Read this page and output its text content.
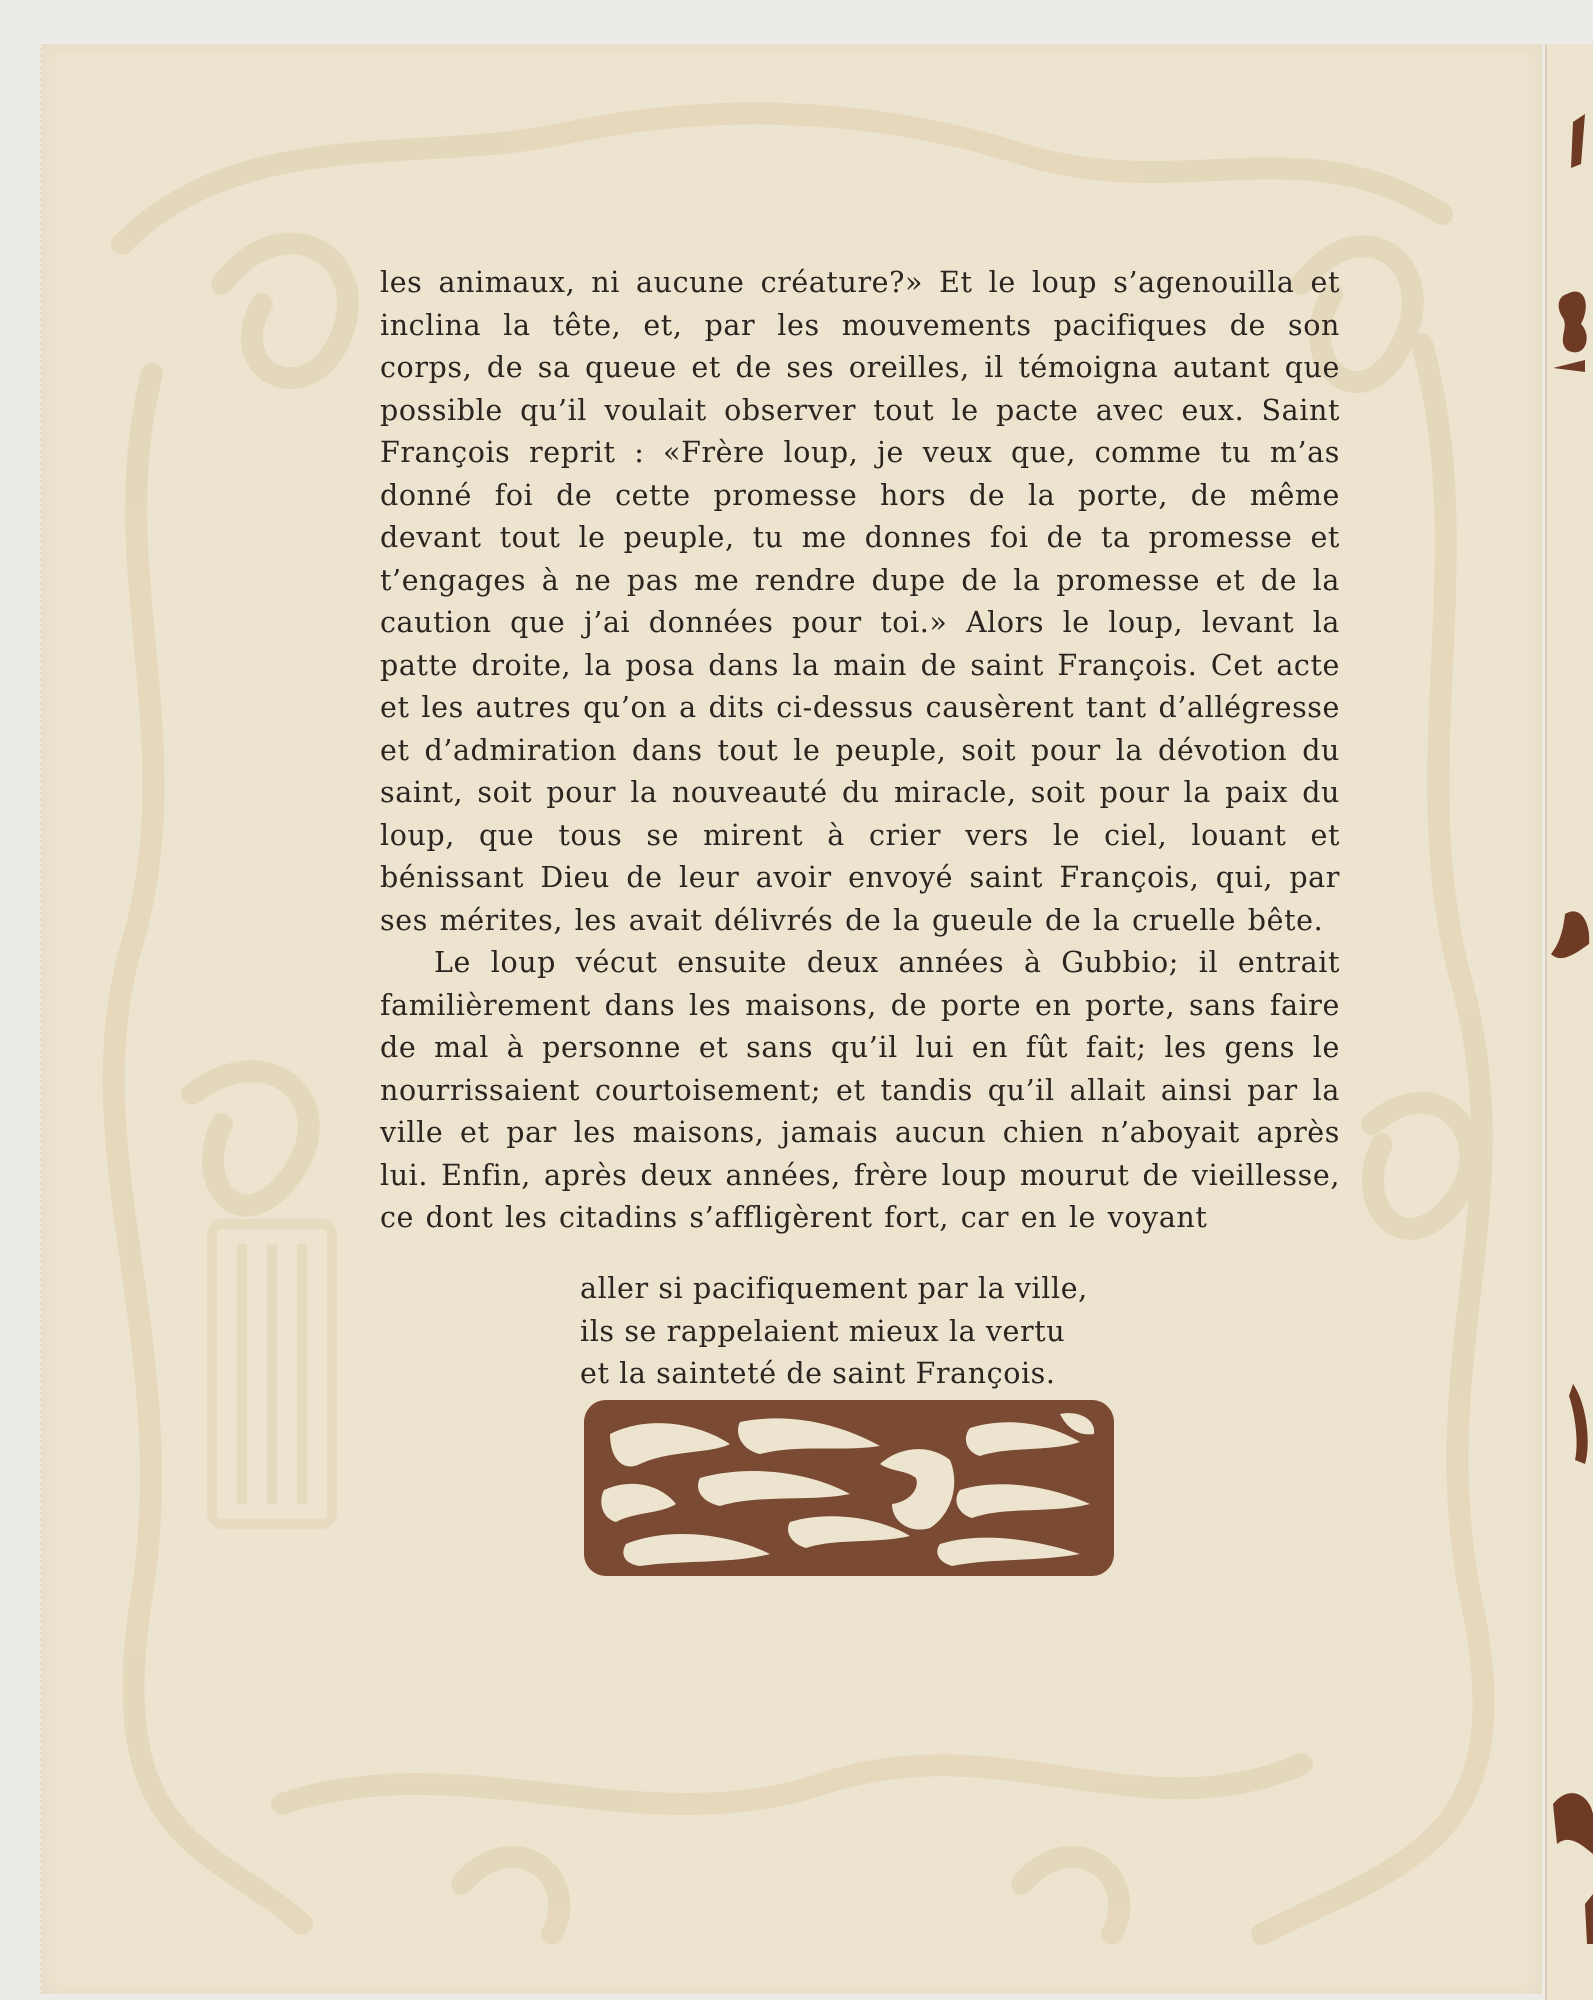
les animaux, ni aucune créature?» Et le loup s’agenouilla et inclina la tête, et, par les mouvements pacifiques de son corps, de sa queue et de ses oreilles, il témoigna autant que possible qu’il voulait observer tout le pacte avec eux. Saint François reprit : «Frère loup, je veux que, comme tu m’as donné foi de cette promesse hors de la porte, de même devant tout le peuple, tu me donnes foi de ta promesse et t’engages à ne pas me rendre dupe de la promesse et de la caution que j’ai données pour toi.» Alors le loup, levant la patte droite, la posa dans la main de saint François. Cet acte et les autres qu’on a dits ci-dessus causèrent tant d’allégresse et d’admiration dans tout le peuple, soit pour la dévotion du saint, soit pour la nouveauté du miracle, soit pour la paix du loup, que tous se mirent à crier vers le ciel, louant et bénissant Dieu de leur avoir envoyé saint François, qui, par ses mérites, les avait délivrés de la gueule de la cruelle bête.

Le loup vécut ensuite deux années à Gubbio; il entrait familièrement dans les maisons, de porte en porte, sans faire de mal à personne et sans qu’il lui en fût fait; les gens le nourrissaient courtoisement; et tandis qu’il allait ainsi par la ville et par les maisons, jamais aucun chien n’aboyait après lui. Enfin, après deux années, frère loup mourut de vieillesse, ce dont les citadins s’affligèrent fort, car en le voyant

aller si pacifiquement par la ville,
ils se rappelaient mieux la vertu
et la sainteté de saint François.
